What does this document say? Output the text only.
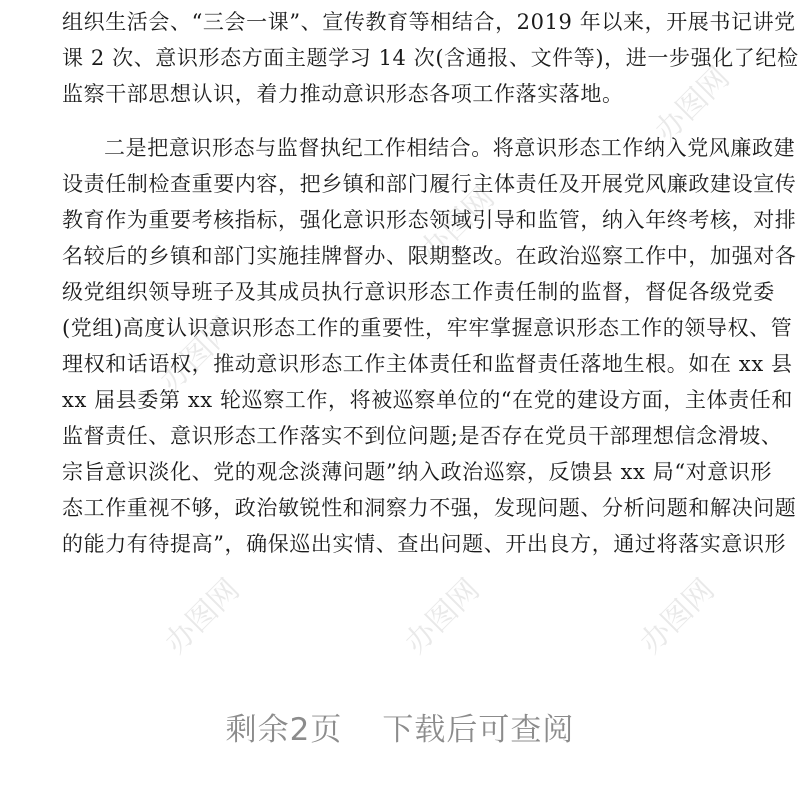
办图网
办图网
办图网
办图网	办图网	办图网
组织生活会、“三会一课”、宣传教育等相结合，2019 年以来，开展书记讲党
课 2 次、意识形态方面主题学习 14 次(含通报、文件等)，进一步强化了纪检
监察干部思想认识，着力推动意识形态各项工作落实落地。
二是把意识形态与监督执纪工作相结合。将意识形态工作纳入党风廉政建
设责任制检查重要内容，把乡镇和部门履行主体责任及开展党风廉政建设宣传
教育作为重要考核指标，强化意识形态领域引导和监管，纳入年终考核，对排
名较后的乡镇和部门实施挂牌督办、限期整改。在政治巡察工作中，加强对各
级党组织领导班子及其成员执行意识形态工作责任制的监督，督促各级党委
(党组)高度认识意识形态工作的重要性，牢牢掌握意识形态工作的领导权、管
理权和话语权，推动意识形态工作主体责任和监督责任落地生根。如在 xx 县
xx 届县委第 xx 轮巡察工作，将被巡察单位的“在党的建设方面，主体责任和
监督责任、意识形态工作落实不到位问题;是否存在党员干部理想信念滑坡、
宗旨意识淡化、党的观念淡薄问题”纳入政治巡察，反馈县 xx 局“对意识形
态工作重视不够，政治敏锐性和洞察力不强，发现问题、分析问题和解决问题
的能力有待提高”，确保巡出实情、查出问题、开出良方，通过将落实意识形
剩余2页 下载后可查阅
